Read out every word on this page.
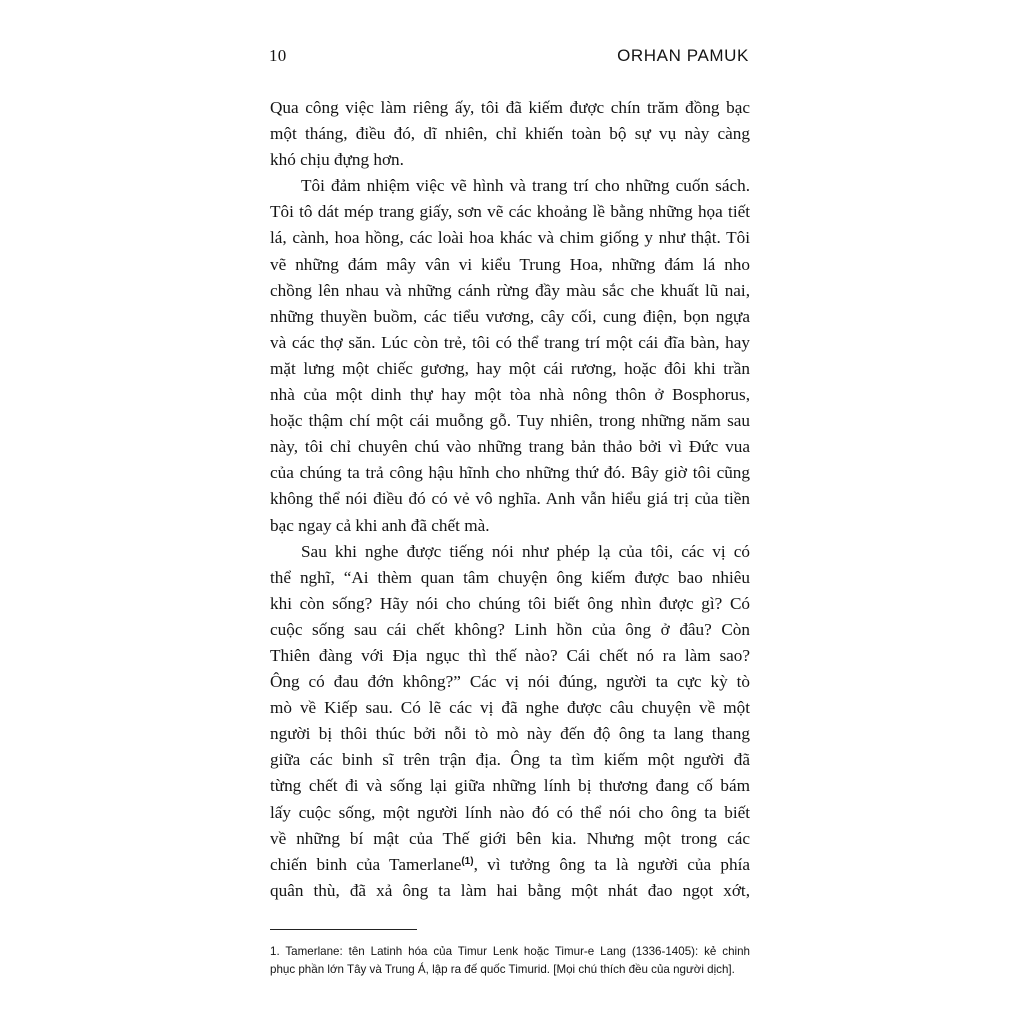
10	ORHAN PAMUK
Qua công việc làm riêng ấy, tôi đã kiếm được chín trăm đồng bạc
một tháng, điều đó, dĩ nhiên, chỉ khiến toàn bộ sự vụ này càng
khó chịu đựng hơn.
Tôi đảm nhiệm việc vẽ hình và trang trí cho những cuốn sách.
Tôi tô dát mép trang giấy, sơn vẽ các khoảng lề bằng những họa tiết
lá, cành, hoa hồng, các loài hoa khác và chim giống y như thật. Tôi
vẽ những đám mây vân vi kiểu Trung Hoa, những đám lá nho
chồng lên nhau và những cánh rừng đầy màu sắc che khuất lũ nai,
những thuyền buồm, các tiểu vương, cây cối, cung điện, bọn ngựa
và các thợ săn. Lúc còn trẻ, tôi có thể trang trí một cái đĩa bàn, hay
mặt lưng một chiếc gương, hay một cái rương, hoặc đôi khi trần
nhà của một dinh thự hay một tòa nhà nông thôn ở Bosphorus,
hoặc thậm chí một cái muỗng gỗ. Tuy nhiên, trong những năm sau
này, tôi chỉ chuyên chú vào những trang bản thảo bởi vì Đức vua
của chúng ta trả công hậu hĩnh cho những thứ đó. Bây giờ tôi cũng
không thể nói điều đó có vẻ vô nghĩa. Anh vẫn hiểu giá trị của tiền
bạc ngay cả khi anh đã chết mà.
Sau khi nghe được tiếng nói như phép lạ của tôi, các vị có
thể nghĩ, “Ai thèm quan tâm chuyện ông kiếm được bao nhiêu
khi còn sống? Hãy nói cho chúng tôi biết ông nhìn được gì? Có
cuộc sống sau cái chết không? Linh hồn của ông ở đâu? Còn
Thiên đàng với Địa ngục thì thế nào? Cái chết nó ra làm sao?
Ông có đau đớn không?” Các vị nói đúng, người ta cực kỳ tò
mò về Kiếp sau. Có lẽ các vị đã nghe được câu chuyện về một
người bị thôi thúc bởi nỗi tò mò này đến độ ông ta lang thang
giữa các binh sĩ trên trận địa. Ông ta tìm kiếm một người đã
từng chết đi và sống lại giữa những lính bị thương đang cố bám
lấy cuộc sống, một người lính nào đó có thể nói cho ông ta biết
về những bí mật của Thế giới bên kia. Nhưng một trong các
chiến binh của Tamerlane$^{(1)}$, vì tưởng ông ta là người của phía
quân thù, đã xả ông ta làm hai bằng một nhát đao ngọt xớt,
1. Tamerlane: tên Latinh hóa của Timur Lenk hoặc Timur-e Lang (1336-1405): kẻ chinh
phục phần lớn Tây và Trung Á, lập ra đế quốc Timurid. [Mọi chú thích đều của người dịch].
